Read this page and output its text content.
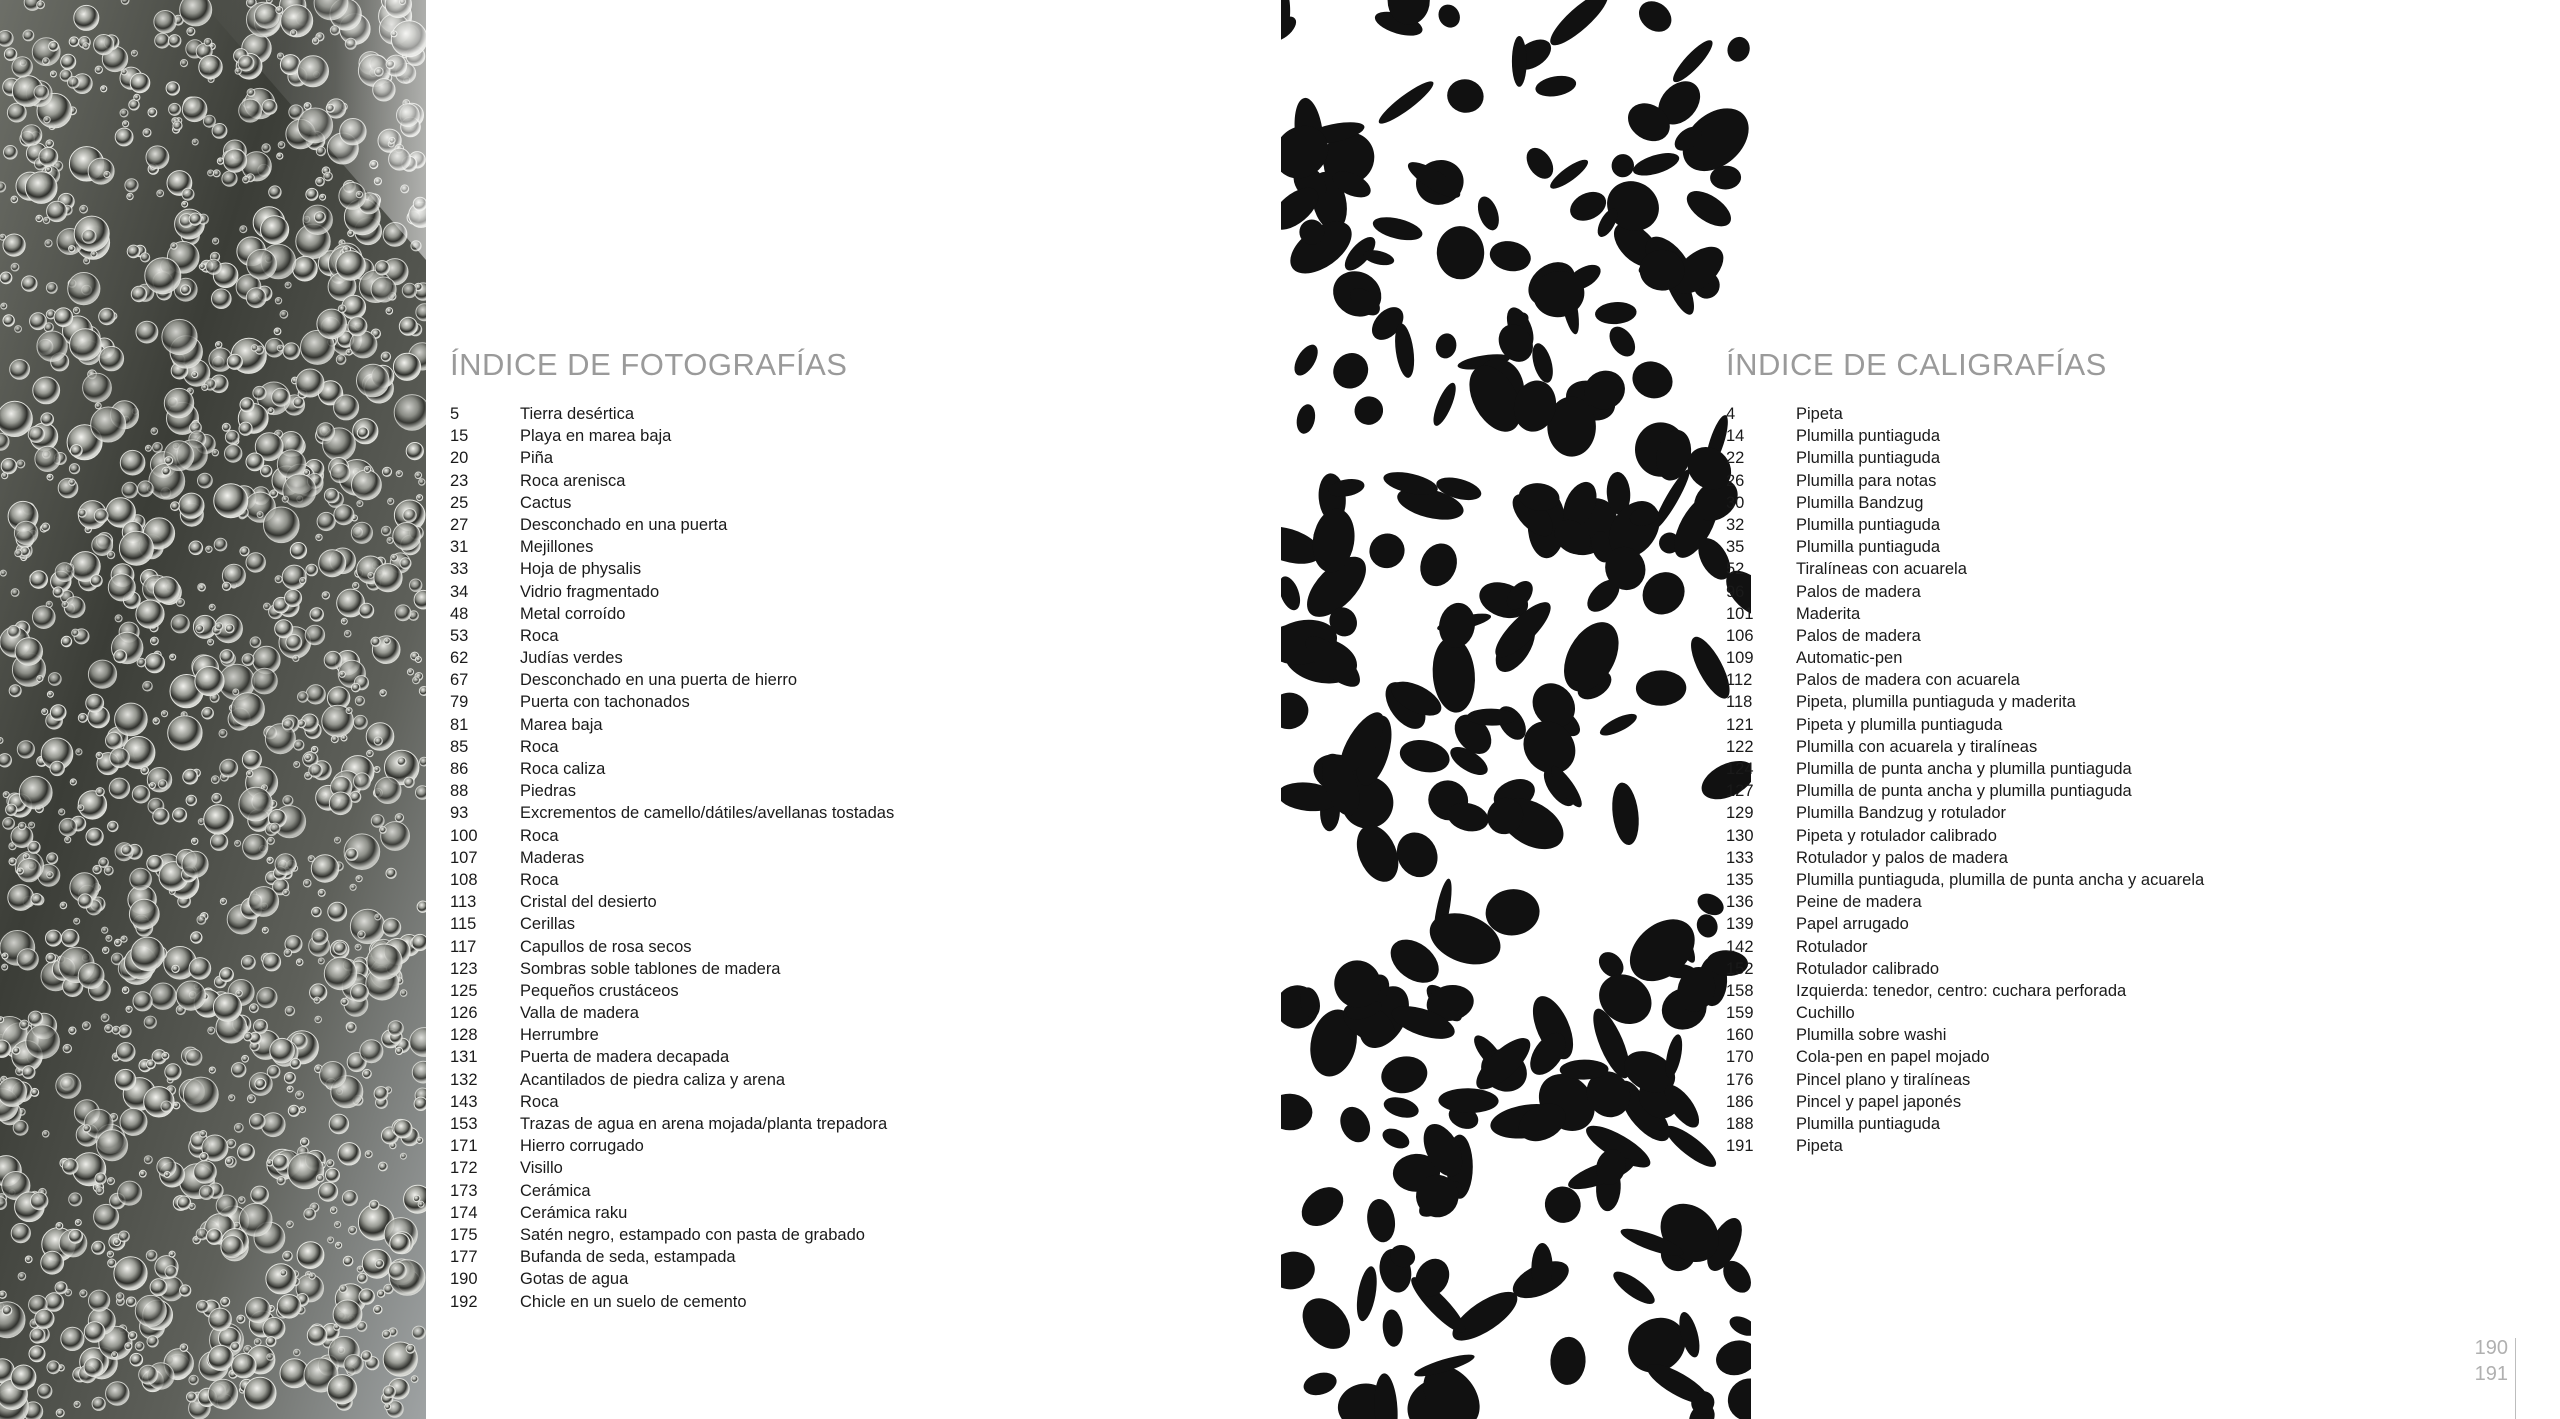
ÍNDICE DE FOTOGRAFÍAS
5	Tierra desértica
15	Playa en marea baja
20	Piña
23	Roca arenisca
25	Cactus
27	Desconchado en una puerta
31	Mejillones
33	Hoja de physalis
34	Vidrio fragmentado
48	Metal corroído
53	Roca
62	Judías verdes
67	Desconchado en una puerta de hierro
79	Puerta con tachonados
81	Marea baja
85	Roca
86	Roca caliza
88	Piedras
93	Excrementos de camello/dátiles/avellanas tostadas
100	Roca
107	Maderas
108	Roca
113	Cristal del desierto
115	Cerillas
117	Capullos de rosa secos
123	Sombras soble tablones de madera
125	Pequeños crustáceos
126	Valla de madera
128	Herrumbre
131	Puerta de madera decapada
132	Acantilados de piedra caliza y arena
143	Roca
153	Trazas de agua en arena mojada/planta trepadora
171	Hierro corrugado
172	Visillo
173	Cerámica
174	Cerámica raku
175	Satén negro, estampado con pasta de grabado
177	Bufanda de seda, estampada
190	Gotas de agua
192	Chicle en un suelo de cemento
ÍNDICE DE CALIGRAFÍAS
4	Pipeta
14	Plumilla puntiaguda
22	Plumilla puntiaguda
26	Plumilla para notas
30	Plumilla Bandzug
32	Plumilla puntiaguda
35	Plumilla puntiaguda
52	Tiralíneas con acuarela
96	Palos de madera
101	Maderita
106	Palos de madera
109	Automatic-pen
112	Palos de madera con acuarela
118	Pipeta, plumilla puntiaguda y maderita
121	Pipeta y plumilla puntiaguda
122	Plumilla con acuarela y tiralíneas
124	Plumilla de punta ancha y plumilla puntiaguda
127	Plumilla de punta ancha y plumilla puntiaguda
129	Plumilla Bandzug y rotulador
130	Pipeta y rotulador calibrado
133	Rotulador y palos de madera
135	Plumilla puntiaguda, plumilla de punta ancha y acuarela
136	Peine de madera
139	Papel arrugado
142	Rotulador
152	Rotulador calibrado
158	Izquierda: tenedor, centro: cuchara perforada
159	Cuchillo
160	Plumilla sobre washi
170	Cola-pen en papel mojado
176	Pincel plano y tiralíneas
186	Pincel y papel japonés
188	Plumilla puntiaguda
191	Pipeta
190
191
